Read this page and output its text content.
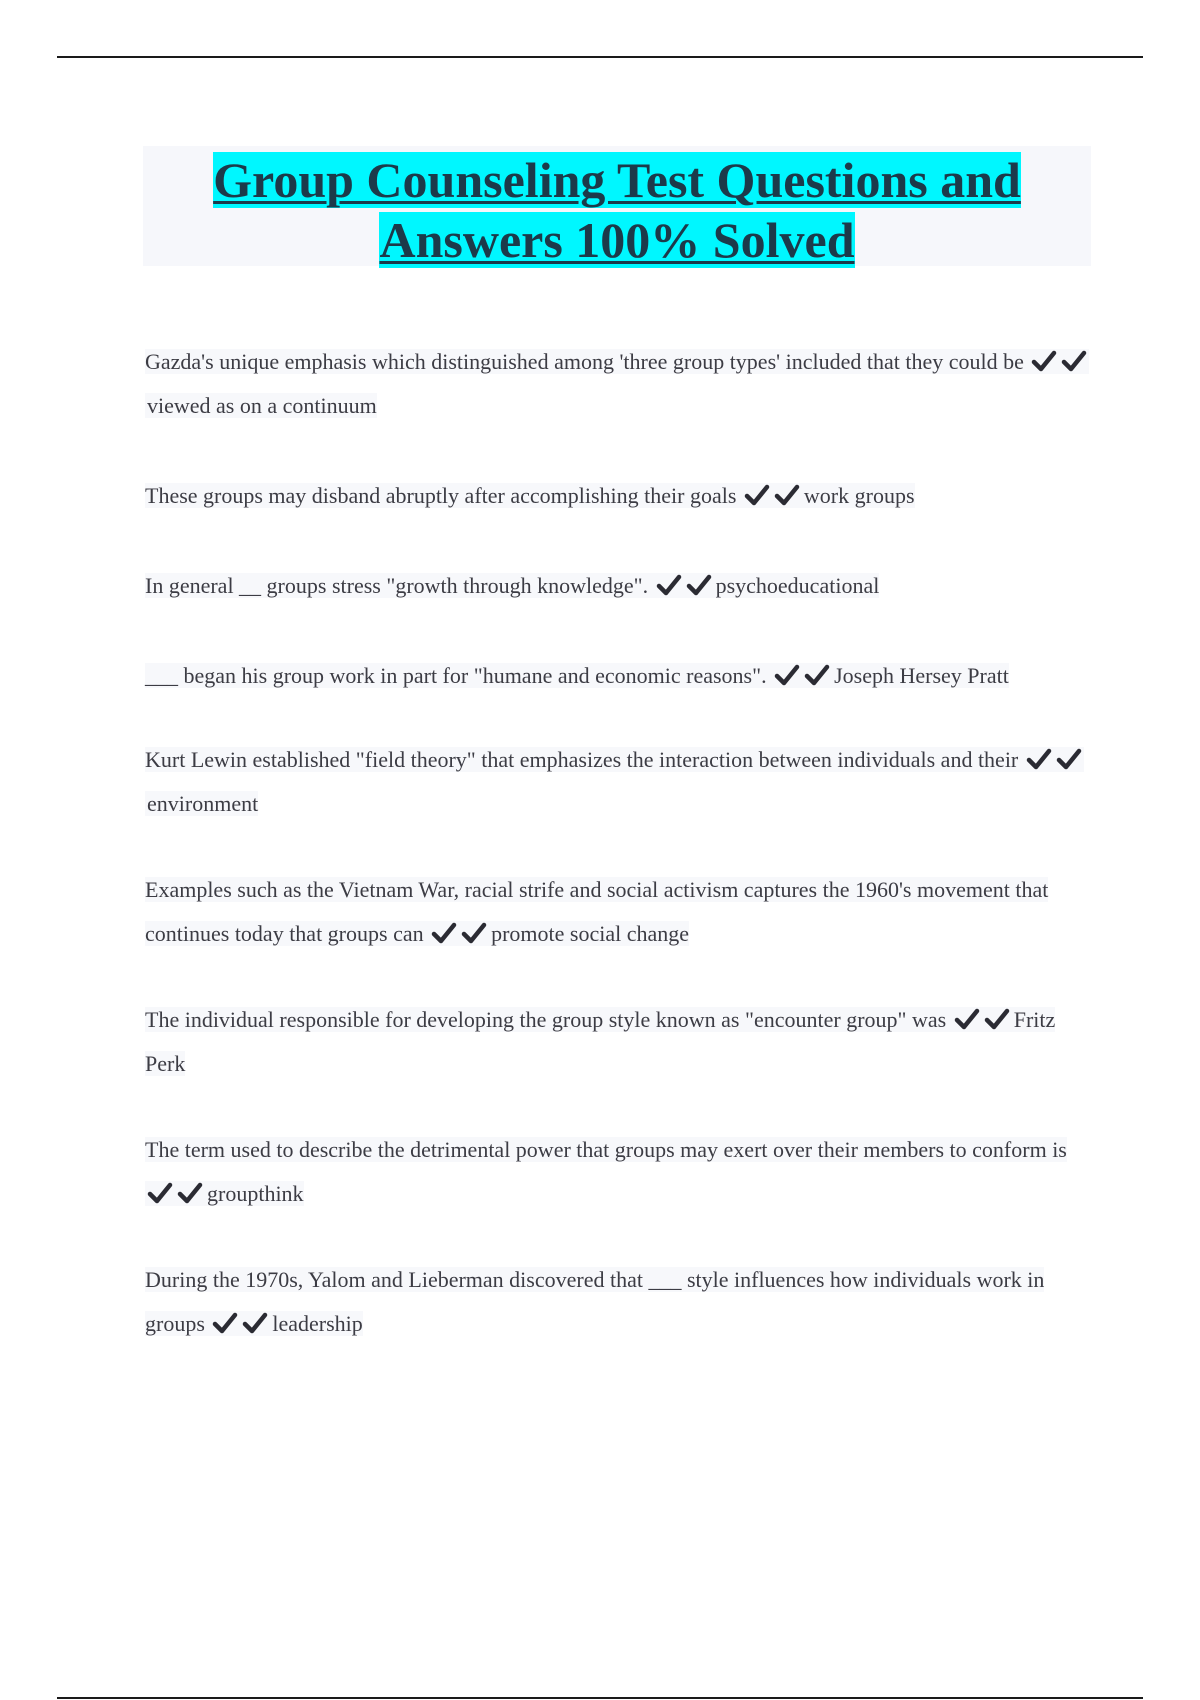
Group Counseling Test Questions and Answers 100% Solved

Gazda's unique emphasis which distinguished among 'three group types' included that they could be
viewed as on a continuum

These groups may disband abruptly after accomplishing their goals	work groups

In general __ groups stress "growth through knowledge".	psychoeducational

___ began his group work in part for "humane and economic reasons".	Joseph Hersey Pratt

Kurt Lewin established "field theory" that emphasizes the interaction between individuals and their
environment

Examples such as the Vietnam War, racial strife and social activism captures the 1960's movement that continues today that groups can	promote social change

The individual responsible for developing the group style known as "encounter group" was	Fritz Perk

The term used to describe the detrimental power that groups may exert over their members to conform is
groupthink

During the 1970s, Yalom and Lieberman discovered that ___ style influences how individuals work in groups	leadership
